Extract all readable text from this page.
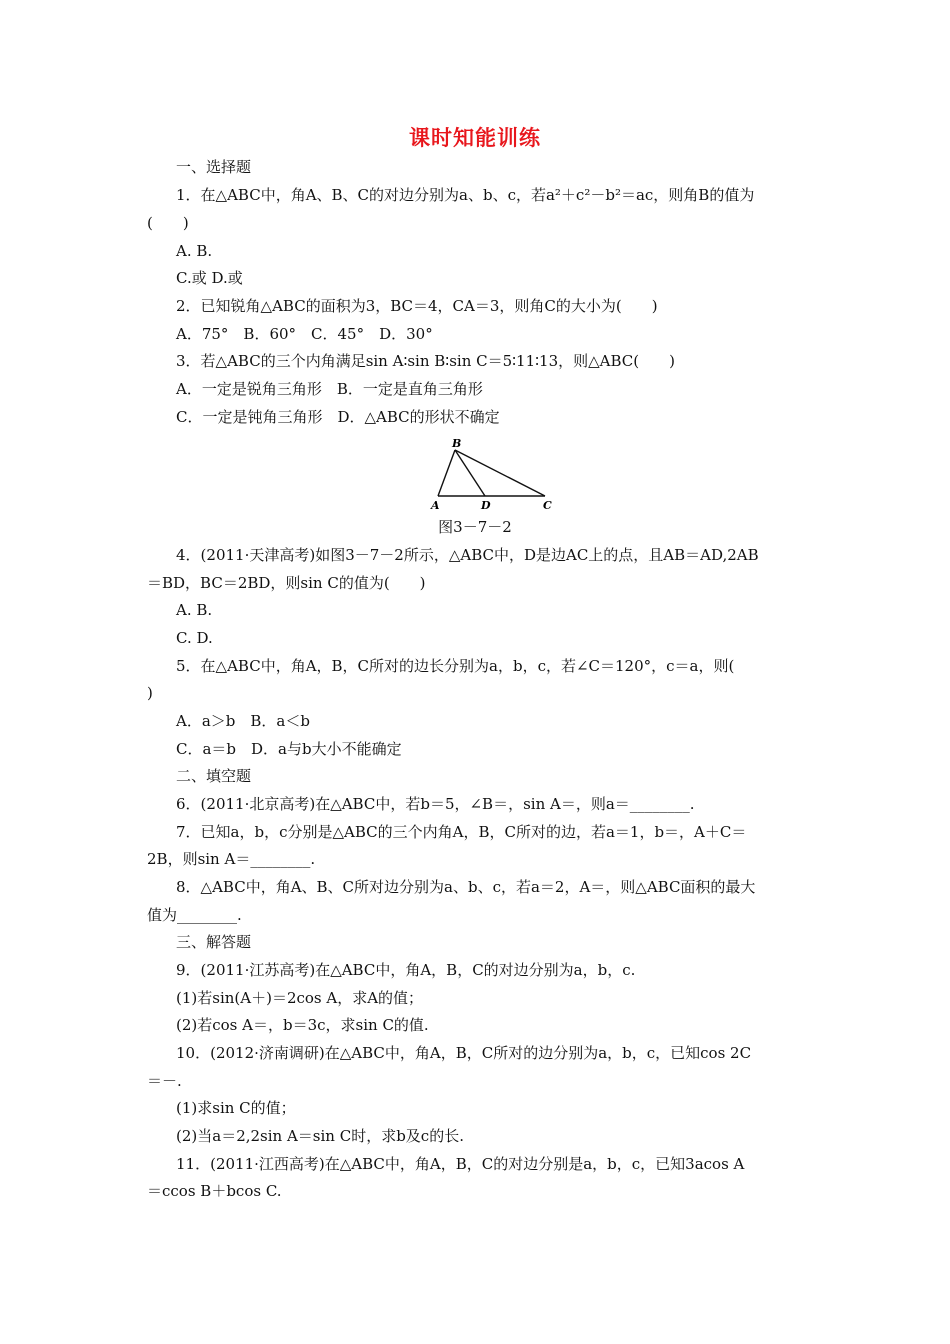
课时知能训练
一、选择题
1．在△ABC中，角A、B、C的对边分别为a、b、c，若a²＋c²－b²＝ac，则角B的值为
(　　)
A. B.
C.或 D.或
2．已知锐角△ABC的面积为3，BC＝4，CA＝3，则角C的大小为(　　)
A．75°　B．60°　C．45°　D．30°
3．若△ABC的三个内角满足sin A∶sin B∶sin C＝5∶11∶13，则△ABC(　　)
A．一定是锐角三角形　B．一定是直角三角形
C．一定是钝角三角形　D．△ABC的形状不确定
4．(2011·天津高考)如图3－7－2所示，△ABC中，D是边AC上的点，且AB＝AD,2AB
＝BD，BC＝2BD，则sin C的值为(　　)
A. B.
C. D.
5．在△ABC中，角A，B，C所对的边长分别为a，b，c，若∠C＝120°，c＝a，则(
)
A．a＞b　B．a＜b
C．a＝b　D．a与b大小不能确定
二、填空题
6．(2011·北京高考)在△ABC中，若b＝5，∠B＝，sin A＝，则a＝________.
7．已知a，b，c分别是△ABC的三个内角A，B，C所对的边，若a＝1，b＝，A＋C＝
2B，则sin A＝________.
8．△ABC中，角A、B、C所对边分别为a、b、c，若a＝2，A＝，则△ABC面积的最大
值为________.
三、解答题
9．(2011·江苏高考)在△ABC中，角A，B，C的对边分别为a，b，c.
(1)若sin(A＋)＝2cos A，求A的值；
(2)若cos A＝，b＝3c，求sin C的值.
10．(2012·济南调研)在△ABC中，角A，B，C所对的边分别为a，b，c，已知cos 2C
＝－.
(1)求sin C的值；
(2)当a＝2,2sin A＝sin C时，求b及c的长.
11．(2011·江西高考)在△ABC中，角A，B，C的对边分别是a，b，c，已知3acos A
＝ccos B＋bcos C.
B
A	D	C
图3－7－2
